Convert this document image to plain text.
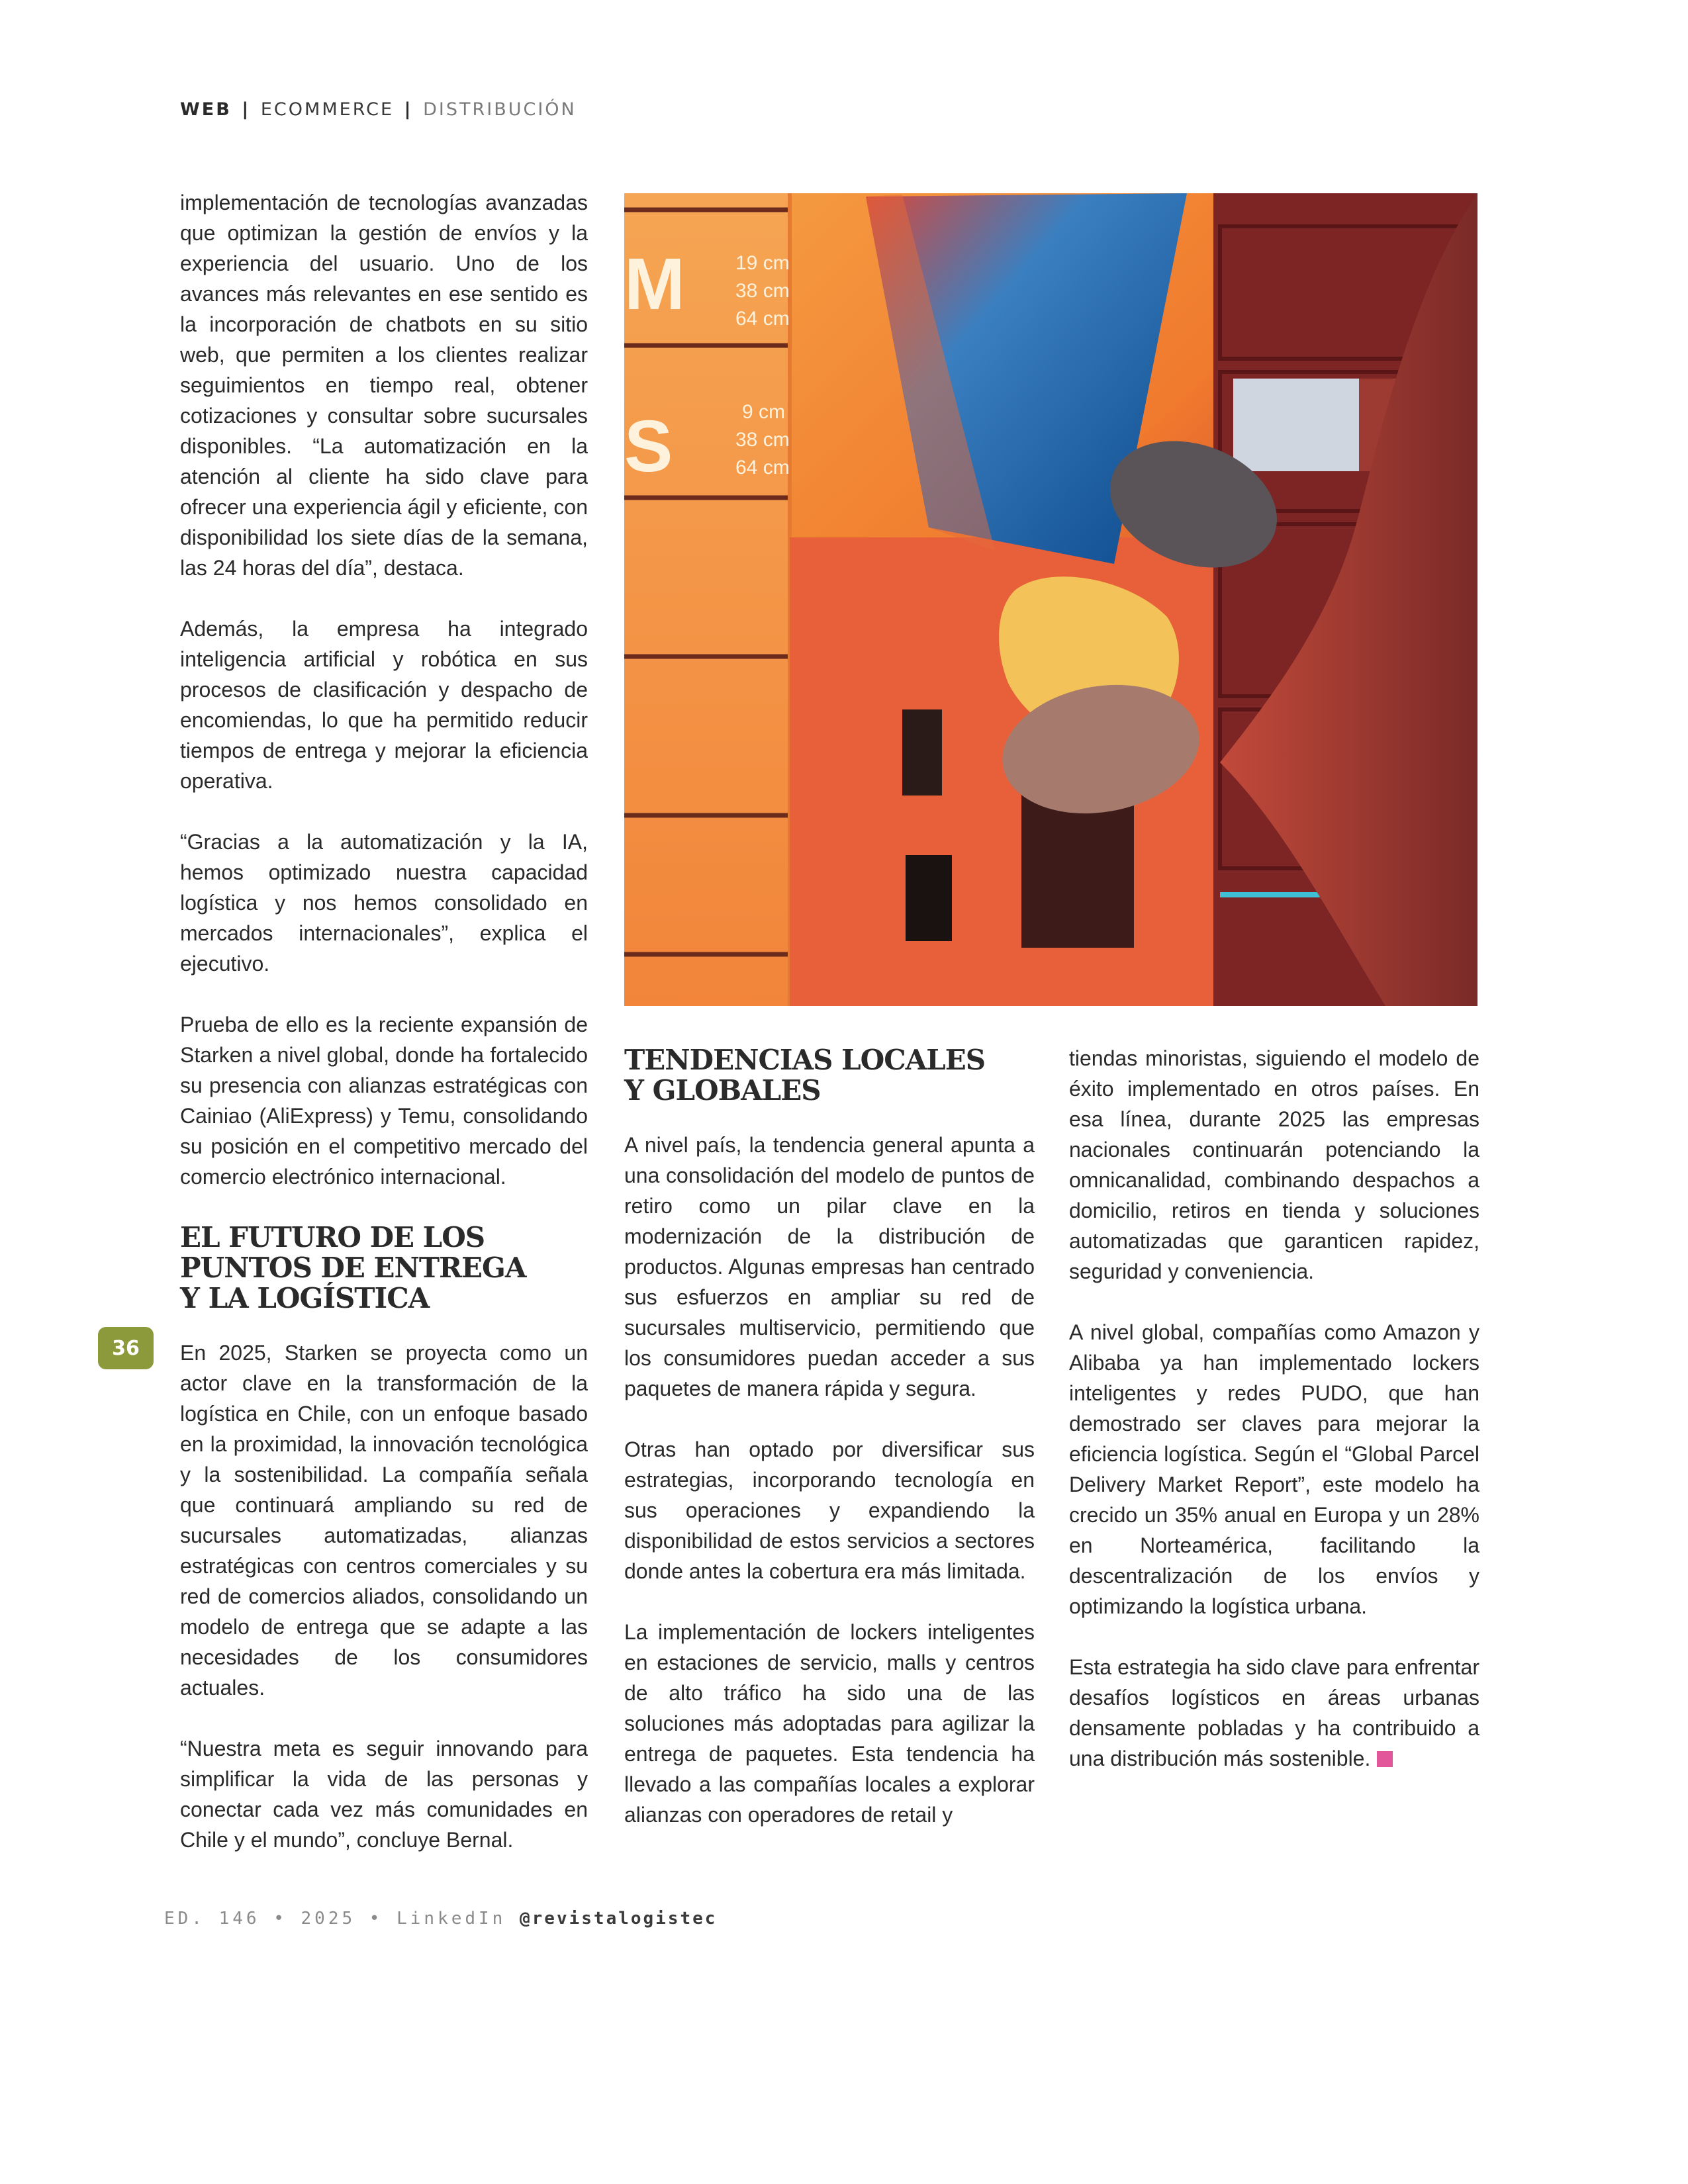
WEB | ECOMMERCE | DISTRIBUCIÓN
M
S
19 cm
38 cm
64 cm
9 cm
38 cm
64 cm

implementación de tecnologías avanzadas que optimizan la gestión de envíos y la experiencia del usuario. Uno de los avances más relevantes en ese sentido es la incorporación de chatbots en su sitio web, que permiten a los clientes realizar seguimientos en tiempo real, obtener cotizaciones y consultar sobre sucursales disponibles. “La automatización en la atención al cliente ha sido clave para ofrecer una experiencia ágil y eficiente, con disponibilidad los siete días de la semana, las 24 horas del día”, destaca.

Además, la empresa ha integrado inteligencia artificial y robótica en sus procesos de clasificación y despacho de encomiendas, lo que ha permitido reducir tiempos de entrega y mejorar la eficiencia operativa.

“Gracias a la automatización y la IA, hemos optimizado nuestra capacidad logística y nos hemos consolidado en mercados internacionales”, explica el ejecutivo.

Prueba de ello es la reciente expansión de Starken a nivel global, donde ha fortalecido su presencia con alianzas estratégicas con Cainiao (AliExpress) y Temu, consolidando su posición en el competitivo mercado del comercio electrónico internacional.

EL FUTURO DE LOS
PUNTOS DE ENTREGA
Y LA LOGÍSTICA

En 2025, Starken se proyecta como un actor clave en la transformación de la logística en Chile, con un enfoque basado en la proximidad, la innovación tecnológica y la sostenibilidad. La compañía señala que continuará ampliando su red de sucursales automatizadas, alianzas estratégicas con centros comerciales y su red de comercios aliados, consolidando un modelo de entrega que se adapte a las necesidades de los consumidores actuales.

“Nuestra meta es seguir innovando para simplificar la vida de las personas y conectar cada vez más comunidades en Chile y el mundo”, concluye Bernal.

TENDENCIAS LOCALES
Y GLOBALES

A nivel país, la tendencia general apunta a una consolidación del modelo de puntos de retiro como un pilar clave en la modernización de la distribución de productos. Algunas empresas han centrado sus esfuerzos en ampliar su red de sucursales multiservicio, permitiendo que los consumidores puedan acceder a sus paquetes de manera rápida y segura.

Otras han optado por diversificar sus estrategias, incorporando tecnología en sus operaciones y expandiendo la disponibilidad de estos servicios a sectores donde antes la cobertura era más limitada.

La implementación de lockers inteligentes en estaciones de servicio, malls y centros de alto tráfico ha sido una de las soluciones más adoptadas para agilizar la entrega de paquetes. Esta tendencia ha llevado a las compañías locales a explorar alianzas con operadores de retail y

tiendas minoristas, siguiendo el modelo de éxito implementado en otros países. En esa línea, durante 2025 las empresas nacionales continuarán potenciando la omnicanalidad, combinando despachos a domicilio, retiros en tienda y soluciones automatizadas que garanticen rapidez, seguridad y conveniencia.

A nivel global, compañías como Amazon y Alibaba ya han implementado lockers inteligentes y redes PUDO, que han demostrado ser claves para mejorar la eficiencia logística. Según el “Global Parcel Delivery Market Report”, este modelo ha crecido un 35% anual en Europa y un 28% en Norteamérica, facilitando la descentralización de los envíos y optimizando la logística urbana.

Esta estrategia ha sido clave para enfrentar desafíos logísticos en áreas urbanas densamente pobladas y ha contribuido a una distribución más sostenible.

36
ED. 146 • 2025 • LinkedIn @revistalogistec
